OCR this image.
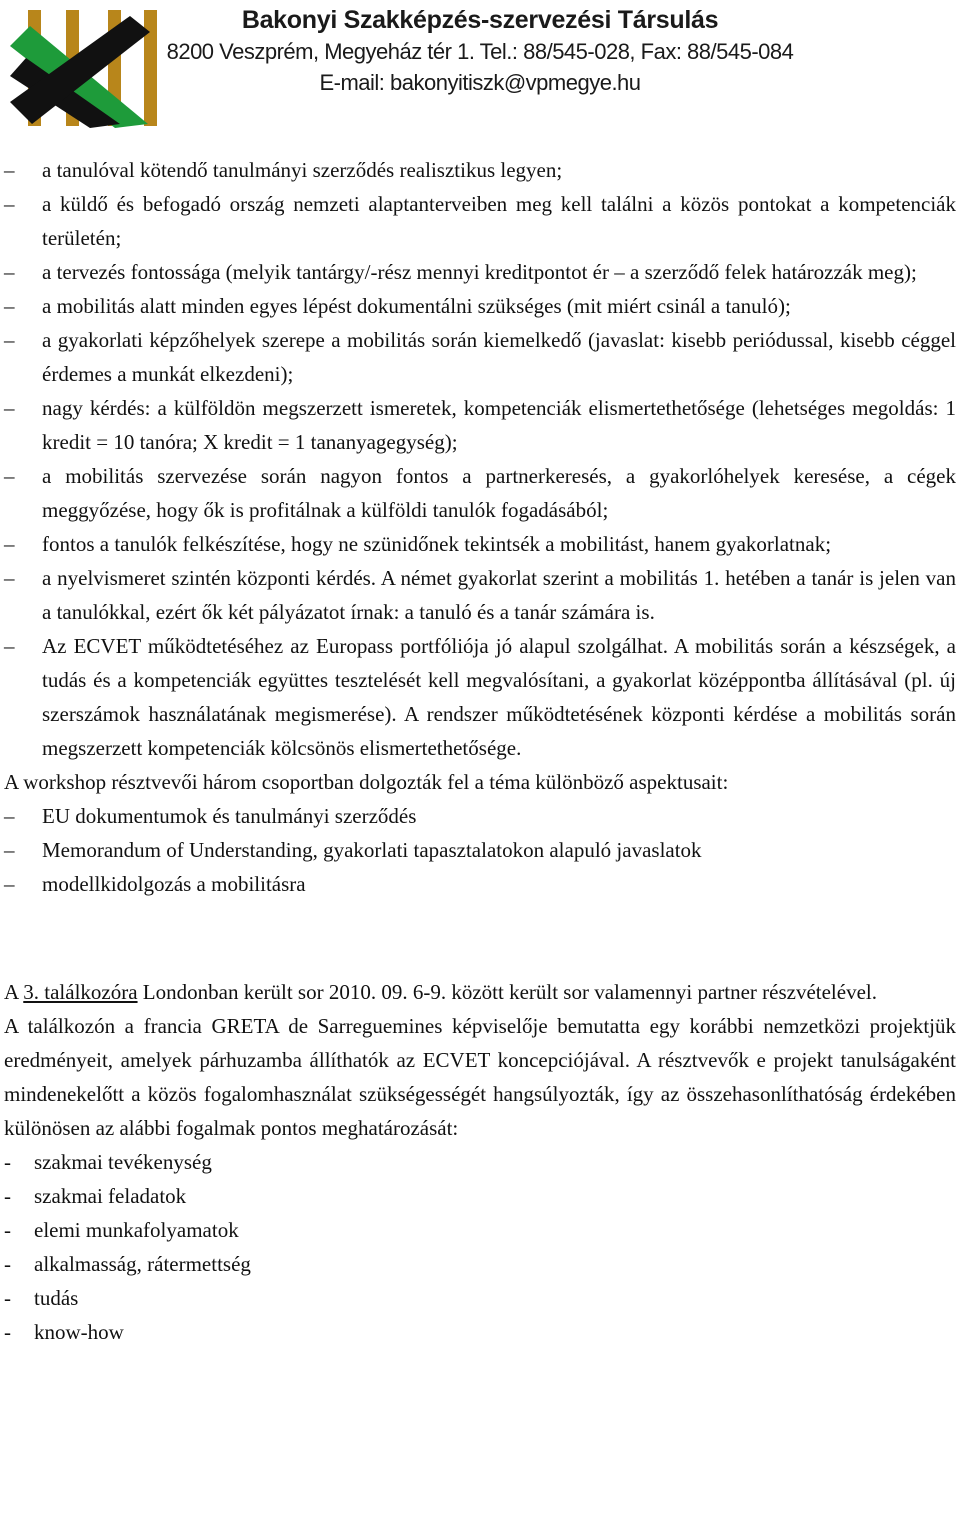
Bakonyi Szakképzés-szervezési Társulás
8200 Veszprém, Megyeház tér 1. Tel.: 88/545-028, Fax: 88/545-084
E-mail: bakonyitiszk@vpmegye.hu
–	a tanulóval kötendő tanulmányi szerződés realisztikus legyen;
–	a küldő és befogadó ország nemzeti alaptanterveiben meg kell találni a közös pontokat a kompetenciák területén;
–	a tervezés fontossága (melyik tantárgy/-rész mennyi kreditpontot ér – a szerződő felek határozzák meg);
–	a mobilitás alatt minden egyes lépést dokumentálni szükséges (mit miért csinál a tanuló);
–	a gyakorlati képzőhelyek szerepe a mobilitás során kiemelkedő (javaslat: kisebb periódussal, kisebb céggel érdemes a munkát elkezdeni);
–	nagy kérdés: a külföldön megszerzett ismeretek, kompetenciák elismertethetősége (lehetséges megoldás: 1 kredit = 10 tanóra; X kredit = 1 tananyagegység);
–	a mobilitás szervezése során nagyon fontos a partnerkeresés, a gyakorlóhelyek keresése, a cégek meggyőzése, hogy ők is profitálnak a külföldi tanulók fogadásából;
–	fontos a tanulók felkészítése, hogy ne szünidőnek tekintsék a mobilitást, hanem gyakorlatnak;
–	a nyelvismeret szintén központi kérdés. A német gyakorlat szerint a mobilitás 1. hetében a tanár is jelen van a tanulókkal, ezért ők két pályázatot írnak: a tanuló és a tanár számára is.
–	Az ECVET működtetéséhez az Europass portfóliója jó alapul szolgálhat. A mobilitás során a készségek, a tudás és a kompetenciák együttes tesztelését kell megvalósítani, a gyakorlat középpontba állításával (pl. új szerszámok használatának megismerése). A rendszer működtetésének központi kérdése a mobilitás során megszerzett kompetenciák kölcsönös elismertethetősége.

A workshop résztvevői három csoportban dolgozták fel a téma különböző aspektusait:

–	EU dokumentumok és tanulmányi szerződés
–	Memorandum of Understanding, gyakorlati tapasztalatokon alapuló javaslatok
–	modellkidolgozás a mobilitásra

A 3. találkozóra Londonban került sor 2010. 09. 6-9. között került sor valamennyi partner részvételével.

A találkozón a francia GRETA de Sarreguemines képviselője bemutatta egy korábbi nemzetközi projektjük eredményeit, amelyek párhuzamba állíthatók az ECVET koncepciójával. A résztvevők e projekt tanulságaként mindenekelőtt a közös fogalomhasználat szükségességét hangsúlyozták, így az összehasonlíthatóság érdekében különösen az alábbi fogalmak pontos meghatározását:

- szakmai tevékenység
- szakmai feladatok
- elemi munkafolyamatok
- alkalmasság, rátermettség
- tudás
- know-how
